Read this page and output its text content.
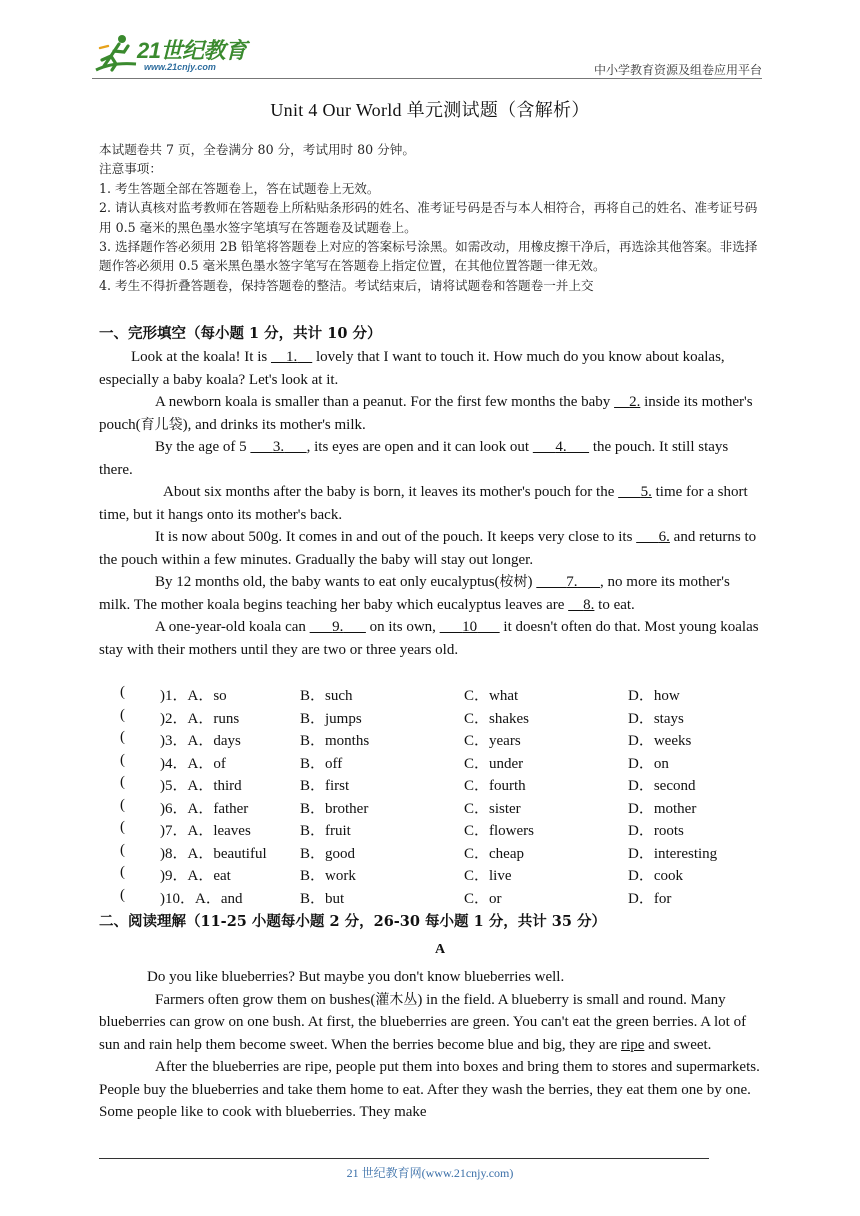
21世纪教育
www.21cnjy.com	中小学教育资源及组卷应用平台
Unit 4 Our World 单元测试题（含解析）
本试题卷共 7 页，全卷满分 80 分，考试用时 80 分钟。
注意事项：
1. 考生答题全部在答题卷上，答在试题卷上无效。
2. 请认真核对监考教师在答题卷上所粘贴条形码的姓名、准考证号码是否与本人相符合，再将自己的姓名、准考证号码用 0.5 毫米的黑色墨水签字笔填写在答题卷及试题卷上。
3. 选择题作答必须用 2B 铅笔将答题卷上对应的答案标号涂黑。如需改动，用橡皮擦干净后，再选涂其他答案。非选择题作答必须用 0.5 毫米黑色墨水签字笔写在答题卷上指定位置，在其他位置答题一律无效。
4. 考生不得折叠答题卷，保持答题卷的整洁。考试结束后，请将试题卷和答题卷一并上交
一、完形填空（每小题 1 分，共计 10 分）

Look at the koala! It is   1.   lovely that I want to touch it. How much do you know about koalas, especially a baby koala? Let's look at it.

A newborn koala is smaller than a peanut. For the first few months the baby   2. inside its mother's pouch(育儿袋), and drinks its mother's milk.

By the age of 5    3.    , its eyes are open and it can look out    4.    the pouch. It still stays there.

About six months after the baby is born, it leaves its mother's pouch for the    5. time for a short time, but it hangs onto its mother's back.

It is now about 500g. It comes in and out of the pouch. It keeps very close to its    6. and returns to the pouch within a few minutes. Gradually the baby will stay out longer.

By 12 months old, the baby wants to eat only eucalyptus(桉树)     7.    , no more its mother's milk. The mother koala begins teaching her baby which eucalyptus leaves are   8. to eat.

A one-year-old koala can    9.    on its own,    10    it doesn't often do that. Most young koalas stay with their mothers until they are two or three years old.

( )1．A．so	B．such	C．what	D．how
( )2．A．runs	B．jumps	C．shakes	D．stays
( )3．A．days	B．months	C．years	D．weeks
( )4．A．of	B．off	C．under	D．on
( )5．A．third	B．first	C．fourth	D．second
( )6．A．father	B．brother	C．sister	D．mother
( )7．A．leaves	B．fruit	C．flowers	D．roots
( )8．A．beautiful B．good	C．cheap	D．interesting
( )9．A．eat	B．work	C．live	D．cook
( )10．A．and	B．but	C．or	D．for
二、阅读理解（11-25 小题每小题 2 分，26-30 每小题 1 分，共计 35 分）
A

Do you like blueberries? But maybe you don't know blueberries well.

Farmers often grow them on bushes(灌木丛) in the field. A blueberry is small and round. Many blueberries can grow on one bush. At first, the blueberries are green. You can't eat the green berries. A lot of sun and rain help them become sweet. When the berries become blue and big, they are ripe and sweet.

After the blueberries are ripe, people put them into boxes and bring them to stores and supermarkets. People buy the blueberries and take them home to eat. After they wash the berries, they eat them one by one. Some people like to cook with blueberries. They make

21 世纪教育网(www.21cnjy.com)
